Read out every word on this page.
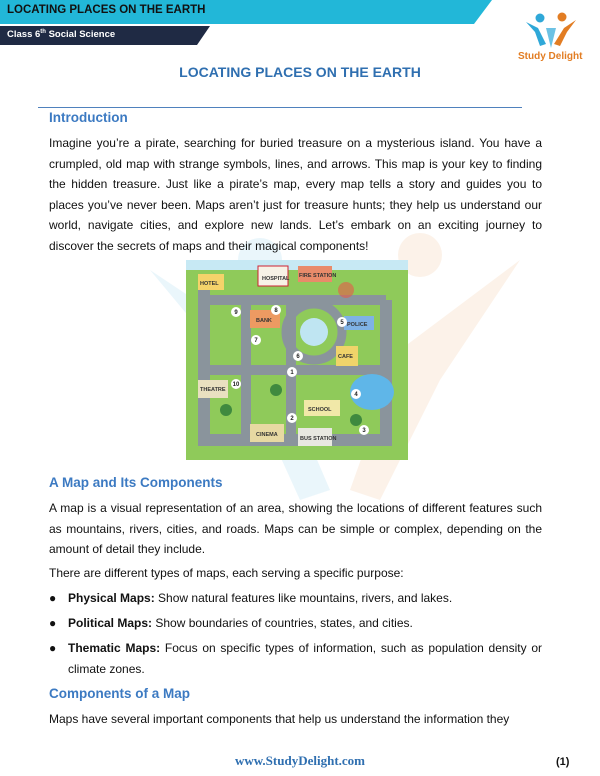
LOCATING PLACES ON THE EARTH
Class 6th Social Science
Study Delight
LOCATING PLACES ON THE EARTH
Introduction
Imagine you’re a pirate, searching for buried treasure on a mysterious island. You have a crumpled, old map with strange symbols, lines, and arrows. This map is your key to finding the hidden treasure. Just like a pirate’s map, every map tells a story and guides you to places you’ve never been. Maps aren’t just for treasure hunts; they help us understand our world, navigate cities, and explore new lands. Let’s embark on an exciting journey to discover the secrets of maps and their magical components!
HOTEL
HOSPITAL FIRE STATION
BANK
POLICE
THEATRE
CINEMA
BUS STATION
SCHOOL
CAFE
1
2
3
4
5
6
7
8
9
10
A Map and Its Components
A map is a visual representation of an area, showing the locations of different features such as mountains, rivers, cities, and roads. Maps can be simple or complex, depending on the amount of detail they include.
There are different types of maps, each serving a specific purpose:
● Physical Maps: Show natural features like mountains, rivers, and lakes.
● Political Maps: Show boundaries of countries, states, and cities.
● Thematic Maps: Focus on specific types of information, such as population density or climate zones.
Components of a Map
Maps have several important components that help us understand the information they
www.StudyDelight.com	(1)
